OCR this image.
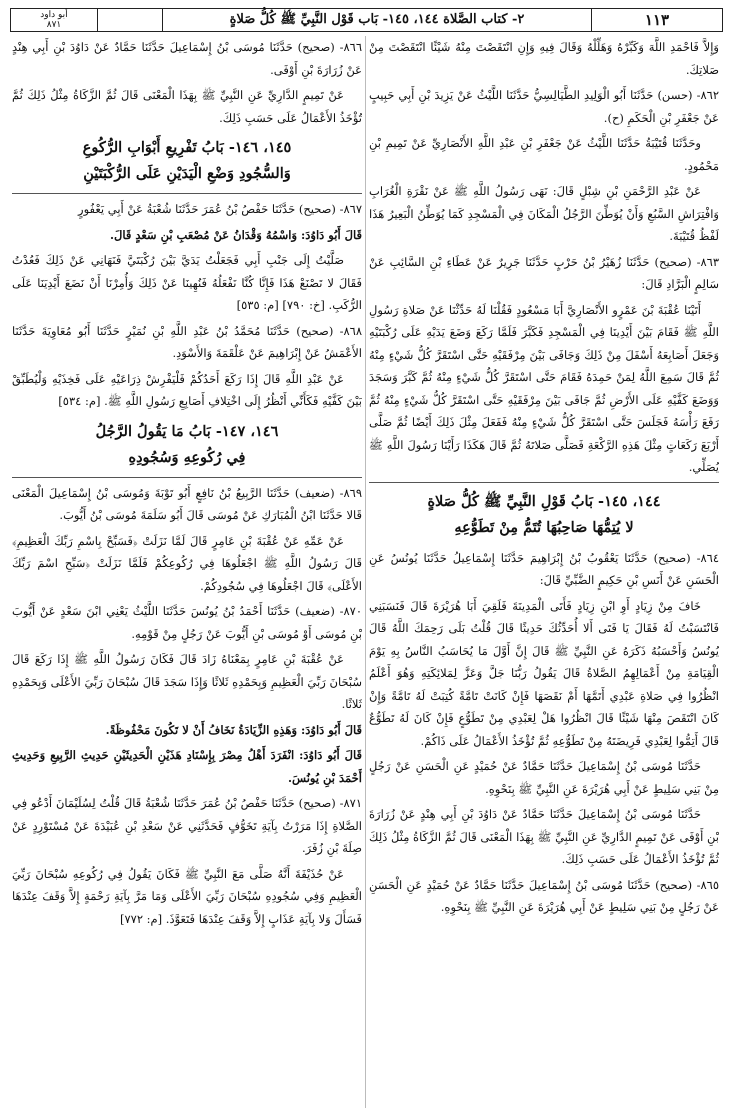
أبو داود
٨٧١	٢- كتاب الصَّلاة ١٤٤، ١٤٥- بَاب قَوْل النَّبِيِّ ﷺ كُلُّ صَلاةٍ	١١٣

وَإِلاَّ فَاحْمَدِ اللَّهَ وَكَبِّرْهُ وَهَلِّلْهُ وَقَالَ فِيهِ وَإِنِ انْتَقَصْتَ مِنْهُ شَيْئًا انْتَقَصْتَ مِنْ صَلاتِكَ.

٨٦٢- (حسن) حَدَّثَنَا أَبُو الْوَلِيدِ الطَّيَالِسِيُّ حَدَّثَنَا اللَّيْثُ عَنْ يَزِيدَ بْنِ أَبِي حَبِيبٍ عَنْ جَعْفَرِ بْنِ الْحَكَمِ (ح).

وحَدَّثَنَا قُتَيْبَةُ حَدَّثَنَا اللَّيْثُ عَنْ جَعْفَرِ بْنِ عَبْدِ اللَّهِ الأَنْصَارِيِّ عَنْ تَمِيمِ بْنِ مَحْمُودٍ.

عَنْ عَبْدِ الرَّحْمَنِ بْنِ شِبْلٍ قَالَ: نَهَى رَسُولُ اللَّهِ ﷺ عَنْ نَقْرَةِ الْغُرَابِ وَافْتِرَاشِ السَّبُعِ وَأَنْ يُوَطِّنَ الرَّجُلُ الْمَكَانَ فِي الْمَسْجِدِ كَمَا يُوَطِّنُ الْبَعِيرُ هَذَا لَفْظُ قُتَيْبَةَ.

٨٦٣- (صحيح) حَدَّثَنَا زُهَيْرُ بْنُ حَرْبٍ حَدَّثَنَا جَرِيرٌ عَنْ عَطَاءِ بْنِ السَّائِبِ عَنْ سَالِمٍ الْبَرَّادِ قَالَ:

أَتَيْنَا عُقْبَةَ بْنَ عَمْرٍو الأَنْصَارِيَّ أَبَا مَسْعُودٍ فَقُلْنَا لَهُ حَدِّثْنَا عَنْ صَلاةِ رَسُولِ اللَّهِ ﷺ فَقَامَ بَيْنَ أَيْدِينَا فِي الْمَسْجِدِ فَكَبَّرَ فَلَمَّا رَكَعَ وَضَعَ يَدَيْهِ عَلَى رُكْبَتَيْهِ وَجَعَلَ أَصَابِعَهُ أَسْفَلَ مِنْ ذَلِكَ وَجَافَى بَيْنَ مِرْفَقَيْهِ حَتَّى اسْتَقَرَّ كُلُّ شَيْءٍ مِنْهُ ثُمَّ قَالَ سَمِعَ اللَّهُ لِمَنْ حَمِدَهُ فَقَامَ حَتَّى اسْتَقَرَّ كُلُّ شَيْءٍ مِنْهُ ثُمَّ كَبَّرَ وَسَجَدَ وَوَضَعَ كَفَّيْهِ عَلَى الأَرْضِ ثُمَّ جَافَى بَيْنَ مِرْفَقَيْهِ حَتَّى اسْتَقَرَّ كُلُّ شَيْءٍ مِنْهُ ثُمَّ رَفَعَ رَأْسَهُ فَجَلَسَ حَتَّى اسْتَقَرَّ كُلُّ شَيْءٍ مِنْهُ فَفَعَلَ مِثْلَ ذَلِكَ أَيْضًا ثُمَّ صَلَّى أَرْبَعَ رَكَعَاتٍ مِثْلَ هَذِهِ الرَّكْعَةِ فَصَلَّى صَلاتَهُ ثُمَّ قَالَ هَكَذَا رَأَيْنَا رَسُولَ اللَّهِ ﷺ يُصَلِّي.

١٤٤، ١٤٥- بَابُ قَوْلِ النَّبِيِّ ﷺ كُلُّ صَلاةٍ
لا يُتِمُّهَا صَاحِبُهَا تُتَمُّ مِنْ تَطَوُّعِهِ

٨٦٤- (صحيح) حَدَّثَنَا يَعْقُوبُ بْنُ إِبْرَاهِيمَ حَدَّثَنَا إِسْمَاعِيلُ حَدَّثَنَا يُونُسُ عَنِ الْحَسَنِ عَنْ أَنَسِ بْنِ حَكِيمٍ الضَّبِّيِّ قَالَ:

خَافَ مِنْ زِيَادٍ أَوِ ابْنِ زِيَادٍ فَأَتَى الْمَدِينَةَ فَلَقِيَ أَبَا هُرَيْرَةَ قَالَ فَنَسَبَنِي فَانْتَسَبْتُ لَهُ فَقَالَ يَا فَتَى أَلا أُحَدِّثُكَ حَدِيثًا قَالَ قُلْتُ بَلَى رَحِمَكَ اللَّهُ قَالَ يُونُسُ وَأَحْسَبُهُ ذَكَرَهُ عَنِ النَّبِيِّ ﷺ قَالَ إِنَّ أَوَّلَ مَا يُحَاسَبُ النَّاسُ بِهِ يَوْمَ الْقِيَامَةِ مِنْ أَعْمَالِهِمُ الصَّلاةُ قَالَ يَقُولُ رَبُّنَا جَلَّ وَعَزَّ لِمَلائِكَتِهِ وَهُوَ أَعْلَمُ انْظُرُوا فِي صَلاةِ عَبْدِي أَتَمَّهَا أَمْ نَقَصَهَا فَإِنْ كَانَتْ تَامَّةً كُتِبَتْ لَهُ تَامَّةً وَإِنْ كَانَ انْتَقَصَ مِنْهَا شَيْئًا قَالَ انْظُرُوا هَلْ لِعَبْدِي مِنْ تَطَوُّعٍ فَإِنْ كَانَ لَهُ تَطَوُّعٌ قَالَ أَتِمُّوا لِعَبْدِي فَرِيضَتَهُ مِنْ تَطَوُّعِهِ ثُمَّ تُؤْخَذُ الأَعْمَالُ عَلَى ذَاكُمْ.

حَدَّثَنَا مُوسَى بْنُ إِسْمَاعِيلَ حَدَّثَنَا حَمَّادٌ عَنْ حُمَيْدٍ عَنِ الْحَسَنِ عَنْ رَجُلٍ مِنْ بَنِي سَلِيطٍ عَنْ أَبِي هُرَيْرَةَ عَنِ النَّبِيِّ ﷺ بِنَحْوِهِ.

حَدَّثَنَا مُوسَى بْنُ إِسْمَاعِيلَ حَدَّثَنَا حَمَّادٌ عَنْ دَاوُدَ بْنِ أَبِي هِنْدٍ عَنْ زُرَارَةَ بْنِ أَوْفَى عَنْ تَمِيمٍ الدَّارِيِّ عَنِ النَّبِيِّ ﷺ بِهَذَا الْمَعْنَى قَالَ ثُمَّ الزَّكَاةُ مِثْلُ ذَلِكَ ثُمَّ تُؤْخَذُ الأَعْمَالُ عَلَى حَسَبِ ذَلِكَ.

٨٦٥- (صحيح) حَدَّثَنَا مُوسَى بْنُ إِسْمَاعِيلَ حَدَّثَنَا حَمَّادٌ عَنْ حُمَيْدٍ عَنِ الْحَسَنِ عَنْ رَجُلٍ مِنْ بَنِي سَلِيطٍ عَنْ أَبِي هُرَيْرَةَ عَنِ النَّبِيِّ ﷺ بِنَحْوِهِ.

٨٦٦- (صحيح) حَدَّثَنَا مُوسَى بْنُ إِسْمَاعِيلَ حَدَّثَنَا حَمَّادٌ عَنْ دَاوُدَ بْنِ أَبِي هِنْدٍ عَنْ زُرَارَةَ بْنِ أَوْفَى.

عَنْ تَمِيمٍ الدَّارِيِّ عَنِ النَّبِيِّ ﷺ بِهَذَا الْمَعْنَى قَالَ ثُمَّ الزَّكَاةُ مِثْلُ ذَلِكَ ثُمَّ تُؤْخَذُ الأَعْمَالُ عَلَى حَسَبِ ذَلِكَ.

١٤٥، ١٤٦- بَابُ تَفْرِيعِ أَبْوَابِ الرُّكُوعِ
وَالسُّجُودِ وَضْعِ الْيَدَيْنِ عَلَى الرُّكْبَتَيْنِ

٨٦٧- (صحيح) حَدَّثَنَا حَفْصُ بْنُ عُمَرَ حَدَّثَنَا شُعْبَةُ عَنْ أَبِي يَعْفُورٍ

قَالَ أَبُو دَاوُدَ: وَاسْمُهُ وَقْدَانُ عَنْ مُصْعَبِ بْنِ سَعْدٍ قَالَ.

صَلَّيْتُ إِلَى جَنْبِ أَبِي فَجَعَلْتُ يَدَيَّ بَيْنَ رُكْبَتَيَّ فَنَهَانِي عَنْ ذَلِكَ فَعُدْتُ فَقَالَ لا تَصْنَعْ هَذَا فَإِنَّا كُنَّا نَفْعَلُهُ فَنُهِينَا عَنْ ذَلِكَ وَأُمِرْنَا أَنْ نَضَعَ أَيْدِيَنَا عَلَى الرُّكَبِ. [خ: ٧٩٠] [م: ٥٣٥]

٨٦٨- (صحيح) حَدَّثَنَا مُحَمَّدُ بْنُ عَبْدِ اللَّهِ بْنِ نُمَيْرٍ حَدَّثَنَا أَبُو مُعَاوِيَةَ حَدَّثَنَا الأَعْمَشُ عَنْ إِبْرَاهِيمَ عَنْ عَلْقَمَةَ وَالأَسْوَدِ.

عَنْ عَبْدِ اللَّهِ قَالَ إِذَا رَكَعَ أَحَدُكُمْ فَلْيَفْرِشْ ذِرَاعَيْهِ عَلَى فَخِذَيْهِ وَلْيُطَبِّقْ بَيْنَ كَفَّيْهِ فَكَأَنِّي أَنْظُرُ إِلَى اخْتِلافِ أَصَابِعِ رَسُولِ اللَّهِ ﷺ. [م: ٥٣٤]

١٤٦، ١٤٧- بَابُ مَا يَقُولُ الرَّجُلُ
فِي رُكُوعِهِ وَسُجُودِهِ

٨٦٩- (ضعيف) حَدَّثَنَا الرَّبِيعُ بْنُ نَافِعٍ أَبُو تَوْبَةَ وَمُوسَى بْنُ إِسْمَاعِيلَ الْمَعْنَى قَالا حَدَّثَنَا ابْنُ الْمُبَارَكِ عَنْ مُوسَى قَالَ أَبُو سَلَمَةَ مُوسَى بْنُ أَيُّوبَ.

عَنْ عَمِّهِ عَنْ عُقْبَةَ بْنِ عَامِرٍ قَالَ لَمَّا نَزَلَتْ ﴿فَسَبِّحْ بِاسْمِ رَبِّكَ الْعَظِيمِ﴾ قَالَ رَسُولُ اللَّهِ ﷺ اجْعَلُوهَا فِي رُكُوعِكُمْ فَلَمَّا نَزَلَتْ ﴿سَبِّحِ اسْمَ رَبِّكَ الأَعْلَى﴾ قَالَ اجْعَلُوهَا فِي سُجُودِكُمْ.

٨٧٠- (ضعيف) حَدَّثَنَا أَحْمَدُ بْنُ يُونُسَ حَدَّثَنَا اللَّيْثُ يَعْنِي ابْنَ سَعْدٍ عَنْ أَيُّوبَ بْنِ مُوسَى أَوْ مُوسَى بْنِ أَيُّوبَ عَنْ رَجُلٍ مِنْ قَوْمِهِ.

عَنْ عُقْبَةَ بْنِ عَامِرٍ بِمَعْنَاهُ زَادَ قَالَ فَكَانَ رَسُولُ اللَّهِ ﷺ إِذَا رَكَعَ قَالَ سُبْحَانَ رَبِّيَ الْعَظِيمِ وَبِحَمْدِهِ ثَلاثًا وَإِذَا سَجَدَ قَالَ سُبْحَانَ رَبِّيَ الأَعْلَى وَبِحَمْدِهِ ثَلاثًا.

قَالَ أَبُو دَاوُدَ: وَهَذِهِ الزِّيَادَةُ نَخَافُ أَنْ لا تَكُونَ مَحْفُوظَةً.

قَالَ أَبُو دَاوُدَ: انْفَرَدَ أَهْلُ مِصْرَ بِإِسْنَادِ هَذَيْنِ الْحَدِيثَيْنِ حَدِيثِ الرَّبِيعِ وَحَدِيثِ أَحْمَدَ بْنِ يُونُسَ.

٨٧١- (صحيح) حَدَّثَنَا حَفْصُ بْنُ عُمَرَ حَدَّثَنَا شُعْبَةُ قَالَ قُلْتُ لِسُلَيْمَانَ أَدْعُو فِي الصَّلاةِ إِذَا مَرَرْتُ بِآيَةِ تَخَوُّفٍ فَحَدَّثَنِي عَنْ سَعْدِ بْنِ عُبَيْدَةَ عَنْ مُسْتَوْرِدٍ عَنْ صِلَةَ بْنِ زُفَرَ.

عَنْ حُذَيْفَةَ أَنَّهُ صَلَّى مَعَ النَّبِيِّ ﷺ فَكَانَ يَقُولُ فِي رُكُوعِهِ سُبْحَانَ رَبِّيَ الْعَظِيمِ وَفِي سُجُودِهِ سُبْحَانَ رَبِّيَ الأَعْلَى وَمَا مَرَّ بِآيَةِ رَحْمَةٍ إِلاَّ وَقَفَ عِنْدَهَا فَسَأَلَ وَلا بِآيَةِ عَذَابٍ إِلاَّ وَقَفَ عِنْدَهَا فَتَعَوَّذَ. [م: ٧٧٢]
